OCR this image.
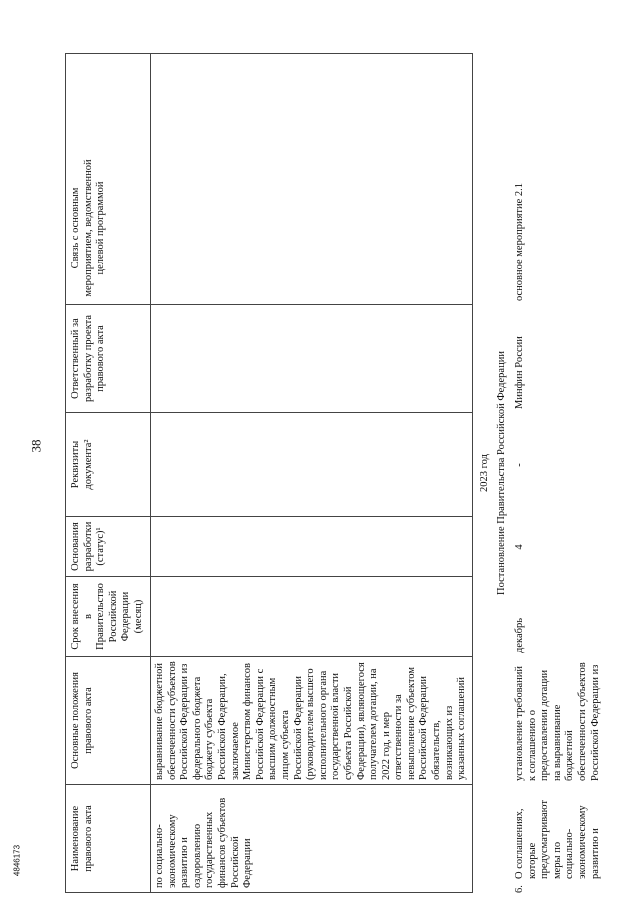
38
4846173	Наименование правового акта
Основные положения правового акта
Срок внесения в Правительство Российской Федерации (месяц)
Основания разработки (статус)¹
Реквизиты документа²
Ответственный за разработку проекта правового акта
Связь с основным мероприятием, ведомственной целевой программой
по социально-экономическому развитию и оздоровлению государственных финансов субъектов Российской Федерации
выравнивание бюджетной обеспеченности субъектов Российской Федерации из федерального бюджета бюджету субъекта Российской Федерации, заключаемое Министерством финансов Российской Федерации с высшим должностным лицом субъекта Российской Федерации (руководителем высшего исполнительного органа государственной власти субъекта Российской Федерации), являющегося получателем дотации, на 2022 год, и мер ответственности за невыполнение субъектом Российской Федерации обязательств, возникающих из указанных соглашений
2023 год Постановление Правительства Российской Федерации
6.
О соглашениях, которые предусматривают меры по социально-экономическому развитию и
установление требований к соглашению о предоставлении дотации на выравнивание бюджетной обеспеченности субъектов Российской Федерации из
декабрь
4
-
Минфин России
основное мероприятие 2.1
